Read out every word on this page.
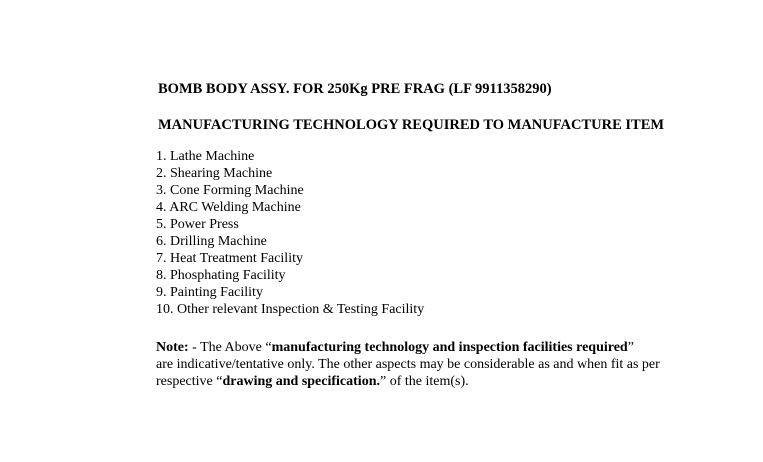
BOMB BODY ASSY. FOR 250Kg PRE FRAG (LF 9911358290)
MANUFACTURING TECHNOLOGY REQUIRED TO MANUFACTURE ITEM
1. Lathe Machine
2. Shearing Machine
3. Cone Forming Machine
4. ARC Welding Machine
5. Power Press
6. Drilling Machine
7. Heat Treatment Facility
8. Phosphating Facility
9. Painting Facility
10. Other relevant Inspection & Testing Facility
Note: - The Above “manufacturing technology and inspection facilities required”
are indicative/tentative only. The other aspects may be considerable as and when fit as per
respective “drawing and specification.” of the item(s).
